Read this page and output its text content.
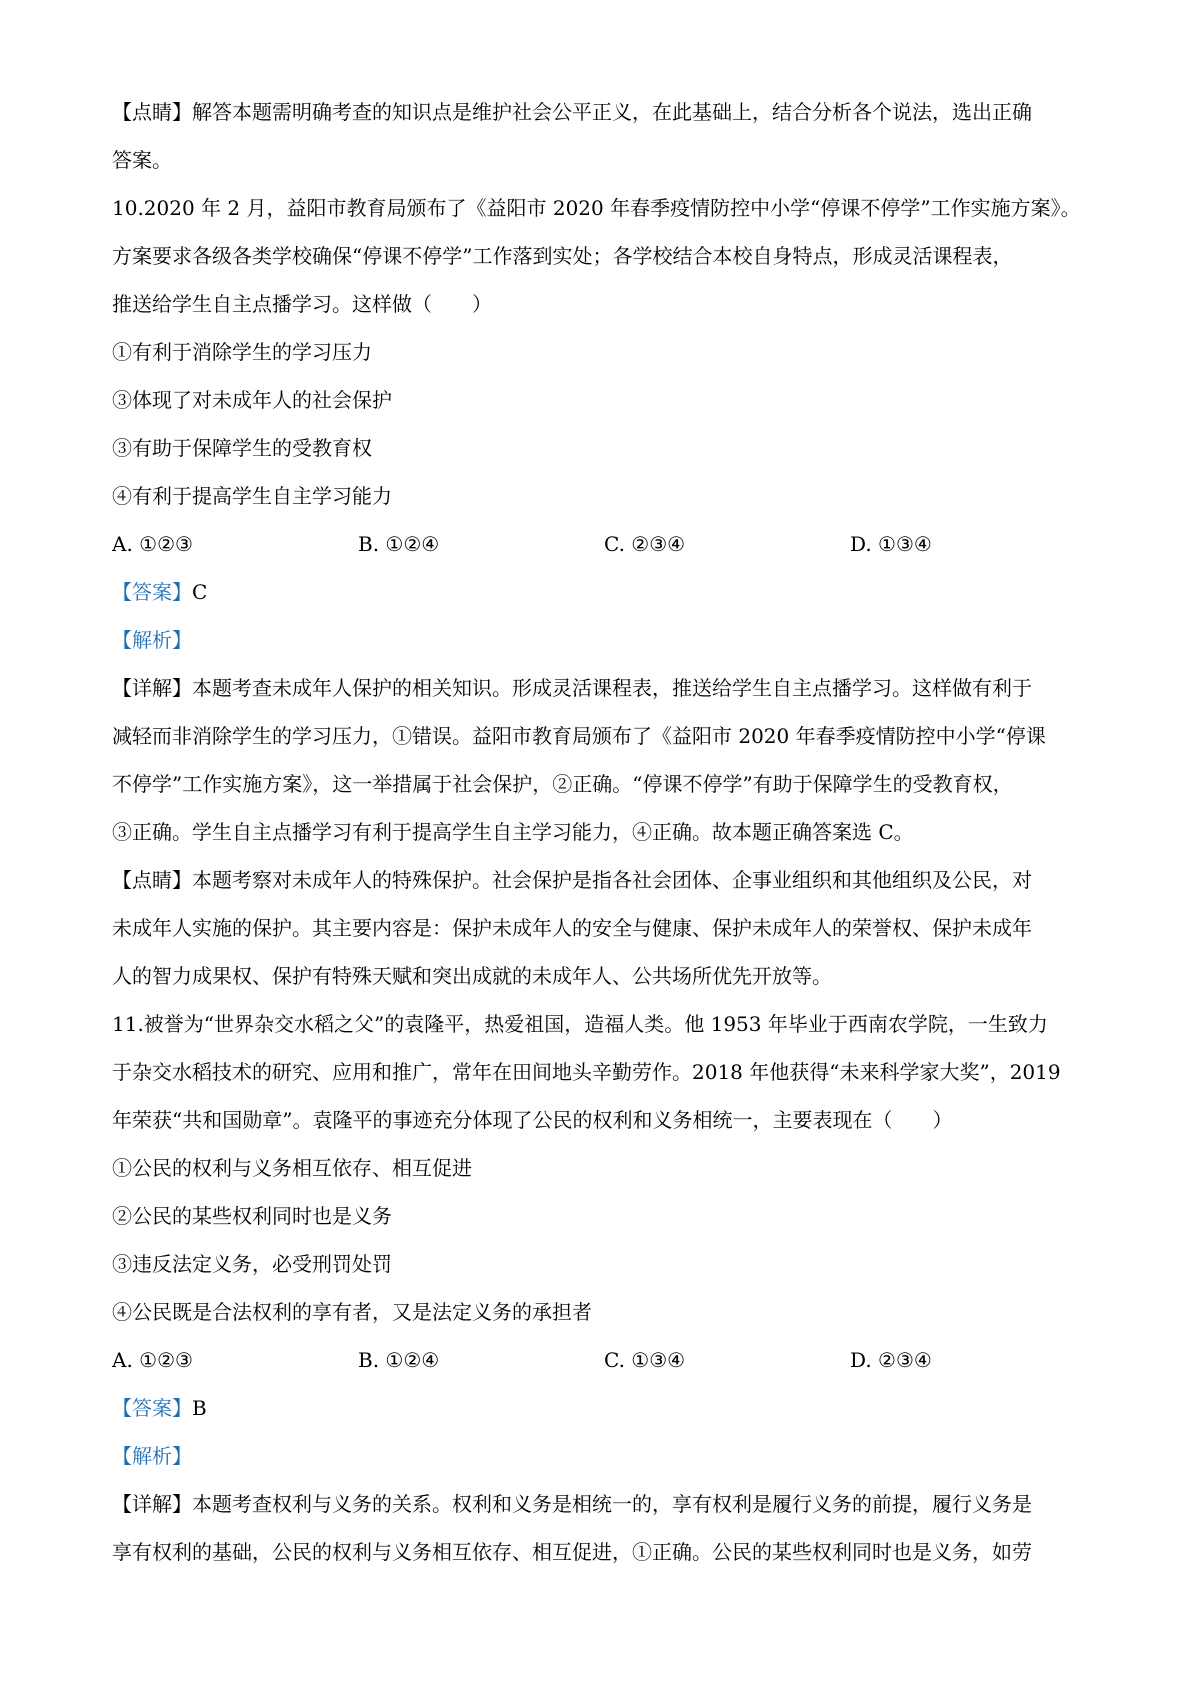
【点睛】解答本题需明确考查的知识点是维护社会公平正义，在此基础上，结合分析各个说法，选出正确
答案。
10.2020 年 2 月，益阳市教育局颁布了《益阳市 2020 年春季疫情防控中小学“停课不停学”工作实施方案》。
方案要求各级各类学校确保“停课不停学”工作落到实处；各学校结合本校自身特点，形成灵活课程表，
推送给学生自主点播学习。这样做（　　）
①有利于消除学生的学习压力
③体现了对未成年人的社会保护
③有助于保障学生的受教育权
④有利于提高学生自主学习能力
A. ①②③	B. ①②④	C. ②③④	D. ①③④
【答案】C
【解析】
【详解】本题考查未成年人保护的相关知识。形成灵活课程表，推送给学生自主点播学习。这样做有利于
减轻而非消除学生的学习压力，①错误。益阳市教育局颁布了《益阳市 2020 年春季疫情防控中小学“停课
不停学”工作实施方案》，这一举措属于社会保护，②正确。“停课不停学”有助于保障学生的受教育权，
③正确。学生自主点播学习有利于提高学生自主学习能力，④正确。故本题正确答案选 C。
【点睛】本题考察对未成年人的特殊保护。社会保护是指各社会团体、企事业组织和其他组织及公民，对
未成年人实施的保护。其主要内容是：保护未成年人的安全与健康、保护未成年人的荣誉权、保护未成年
人的智力成果权、保护有特殊天赋和突出成就的未成年人、公共场所优先开放等。
11.被誉为“世界杂交水稻之父”的袁隆平，热爱祖国，造福人类。他 1953 年毕业于西南农学院，一生致力
于杂交水稻技术的研究、应用和推广，常年在田间地头辛勤劳作。2018 年他获得“未来科学家大奖”，2019
年荣获“共和国勋章”。袁隆平的事迹充分体现了公民的权利和义务相统一，主要表现在（　　）
①公民的权利与义务相互依存、相互促进
②公民的某些权利同时也是义务
③违反法定义务，必受刑罚处罚
④公民既是合法权利的享有者，又是法定义务的承担者
A. ①②③	B. ①②④	C. ①③④	D. ②③④
【答案】B
【解析】
【详解】本题考查权利与义务的关系。权利和义务是相统一的，享有权利是履行义务的前提，履行义务是
享有权利的基础，公民的权利与义务相互依存、相互促进，①正确。公民的某些权利同时也是义务，如劳
